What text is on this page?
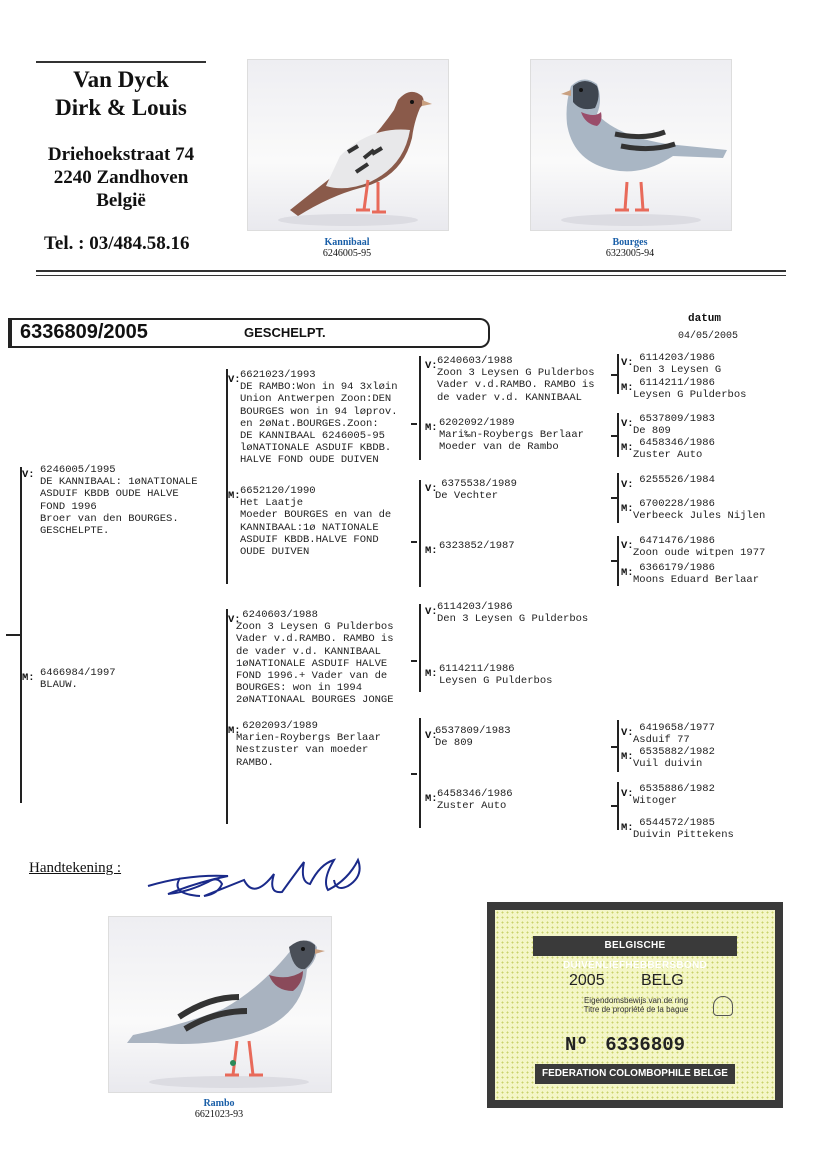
Van Dyck
Dirk & Louis
Driehoekstraat 74
2240 Zandhoven
België
Tel. : 03/484.58.16	Kannibaal
6246005-95
Bourges
6323005-94
6336809/2005	GESCHELPT.
datum
04/05/2005
V: 6246005/1995
DE KANNIBAAL: 1øNATIONALE
ASDUIF KBDB OUDE HALVE
FOND 1996
Broer van den BOURGES.
GESCHELPTE.
M: 6466984/1997
BLAUW.
V: 6621023/1993
DE RAMBO:Won in 94 3xløin
Union Antwerpen Zoon:DEN
BOURGES won in 94 løprov.
en 2øNat.BOURGES.Zoon:
DE KANNIBAAL 6246005-95
løNATIONALE ASDUIF KBDB.
HALVE FOND OUDE DUIVEN
M: 6652120/1990
Het Laatje
Moeder BOURGES en van de
KANNIBAAL:1ø NATIONALE
ASDUIF KBDB.HALVE FOND
OUDE DUIVEN
V: 6240603/1988
Zoon 3 Leysen G Pulderbos
Vader v.d.RAMBO. RAMBO is
de vader v.d. KANNIBAAL
1øNATIONALE ASDUIF HALVE
FOND 1996.+ Vader van de
BOURGES: won in 1994
2øNATIONAAL BOURGES JONGE
M: 6202093/1989
Marien-Roybergs Berlaar
Nestzuster van moeder
RAMBO.
V: 6240603/1988
Zoon 3 Leysen G Pulderbos
Vader v.d.RAMBO. RAMBO is
de vader v.d. KANNIBAAL
M: 6202092/1989
Mari‰n-Roybergs Berlaar
Moeder van de Rambo
V: 6375538/1989
De Vechter
M: 6323852/1987
V: 6114203/1986
Den 3 Leysen G Pulderbos
M: 6114211/1986
Leysen G Pulderbos
V:
6537809/1983
De 809
M: 6458346/1986
Zuster Auto
V: 6114203/1986
Den 3 Leysen G
M: 6114211/1986
Leysen G Pulderbos
V: 6537809/1983
De 809
M: 6458346/1986
Zuster Auto
V: 6255526/1984
M: 6700228/1986
Verbeeck Jules Nijlen
V: 6471476/1986
Zoon oude witpen 1977
M: 6366179/1986
Moons Eduard Berlaar
V: 6419658/1977
Asduif 77
M: 6535882/1982
Vuil duivin
V: 6535886/1982
Witoger
M: 6544572/1985
Duivin Pittekens
Handtekening :
Rambo
6621023-93
BELGISCHE DUIVENLIEFHEBBERSBOND
2005 BELG
Eigendomsbewijs van de ring
Titre de propriété de la bague
Nº 6336809
FEDERATION COLOMBOPHILE BELGE
